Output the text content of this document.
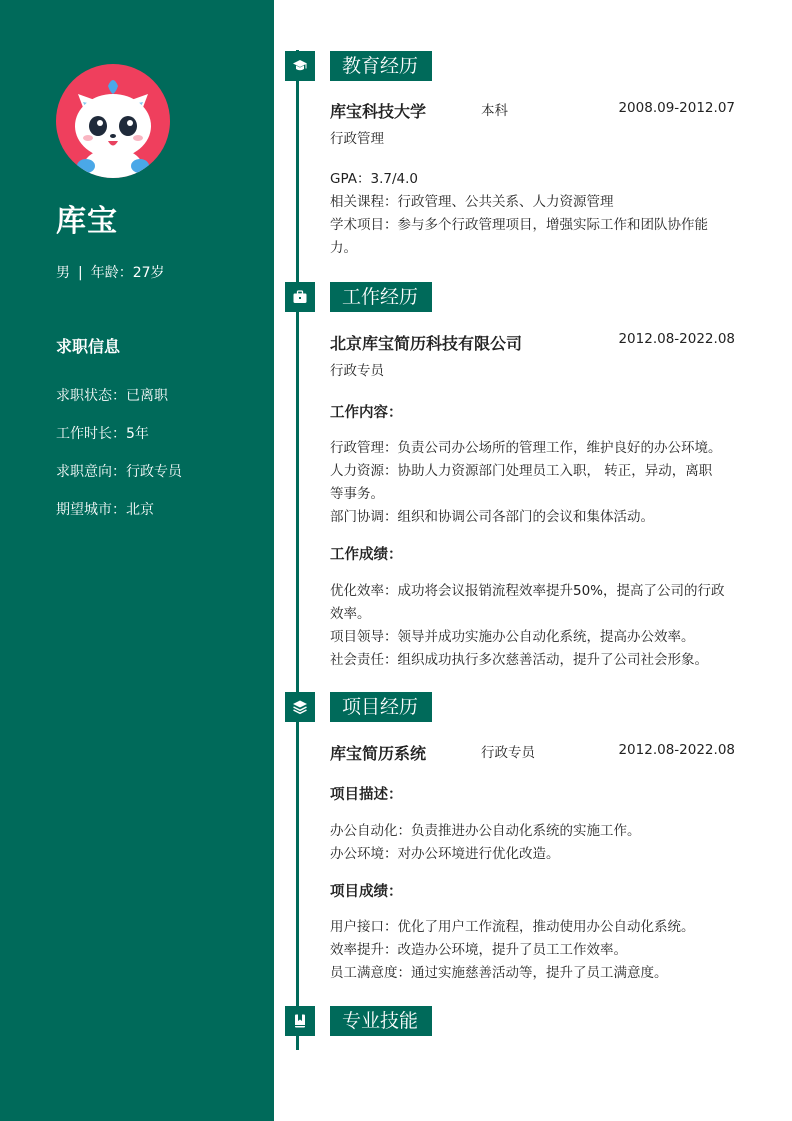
库宝
男 | 年龄：27岁
求职信息
求职状态：已离职
工作时长：5年
求职意向：行政专员
期望城市：北京
教育经历
库宝科技大学	本科	2008.09-2012.07
行政管理
GPA：3.7/4.0
相关课程：行政管理、公共关系、人力资源管理
学术项目：参与多个行政管理项目，增强实际工作和团队协作能
力。
工作经历
北京库宝简历科技有限公司	2012.08-2022.08
行政专员
工作内容：
行政管理：负责公司办公场所的管理工作，维护良好的办公环境。
人力资源：协助人力资源部门处理员工入职， 转正，异动，离职
等事务。
部门协调：组织和协调公司各部门的会议和集体活动。
工作成绩：
优化效率：成功将会议报销流程效率提升50%，提高了公司的行政
效率。
项目领导：领导并成功实施办公自动化系统，提高办公效率。
社会责任：组织成功执行多次慈善活动，提升了公司社会形象。
项目经历
库宝简历系统	行政专员	2012.08-2022.08
项目描述：
办公自动化：负责推进办公自动化系统的实施工作。
办公环境：对办公环境进行优化改造。
项目成绩：
用户接口：优化了用户工作流程，推动使用办公自动化系统。
效率提升：改造办公环境，提升了员工工作效率。
员工满意度：通过实施慈善活动等，提升了员工满意度。
专业技能
